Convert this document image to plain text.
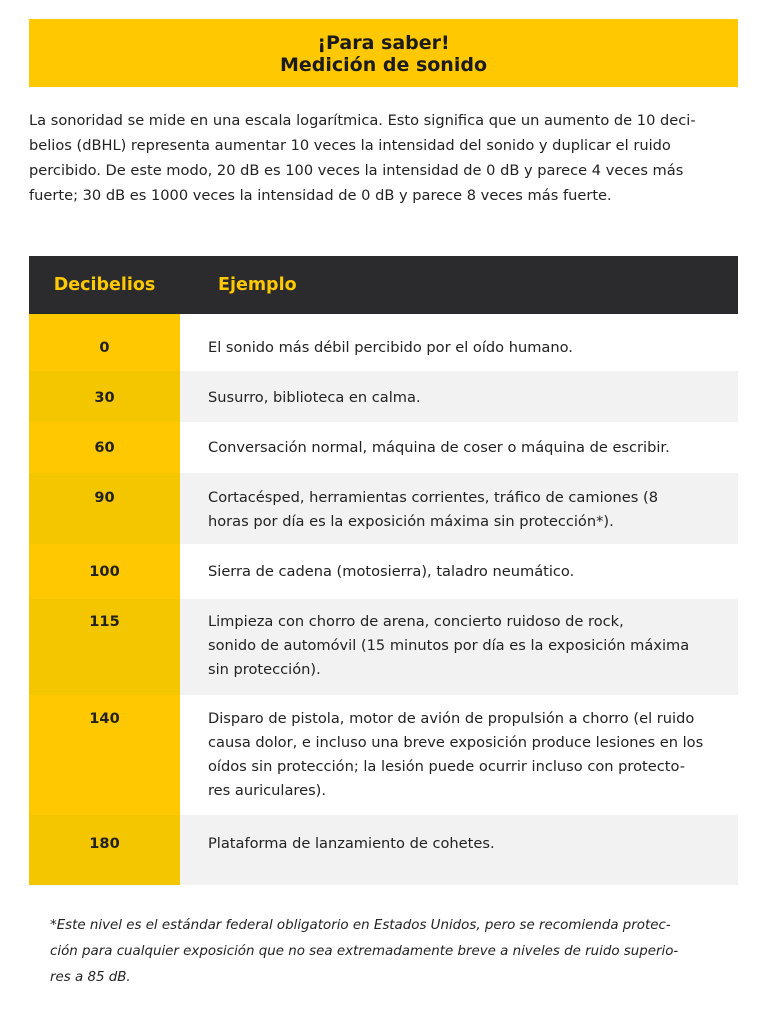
¡Para saber!
Medición de sonido
La sonoridad se mide en una escala logarítmica. Esto significa que un aumento de 10 deci-
belios (dBHL) representa aumentar 10 veces la intensidad del sonido y duplicar el ruido
percibido. De este modo, 20 dB es 100 veces la intensidad de 0 dB y parece 4 veces más
fuerte; 30 dB es 1000 veces la intensidad de 0 dB y parece 8 veces más fuerte.
Decibelios	Ejemplo
0	El sonido más débil percibido por el oído humano.

30	Susurro, biblioteca en calma.

60	Conversación normal, máquina de coser o máquina de escribir.

90	Cortacésped, herramientas corrientes, tráfico de camiones (8
horas por día es la exposición máxima sin protección*).

100	Sierra de cadena (motosierra), taladro neumático.

115	Limpieza con chorro de arena, concierto ruidoso de rock,
sonido de automóvil (15 minutos por día es la exposición máxima
sin protección).

140	Disparo de pistola, motor de avión de propulsión a chorro (el ruido
causa dolor, e incluso una breve exposición produce lesiones en los
oídos sin protección; la lesión puede ocurrir incluso con protecto-
res auriculares).

180	Plataforma de lanzamiento de cohetes.
*Este nivel es el estándar federal obligatorio en Estados Unidos, pero se recomienda protec-
ción para cualquier exposición que no sea extremadamente breve a niveles de ruido superio-
res a 85 dB.
